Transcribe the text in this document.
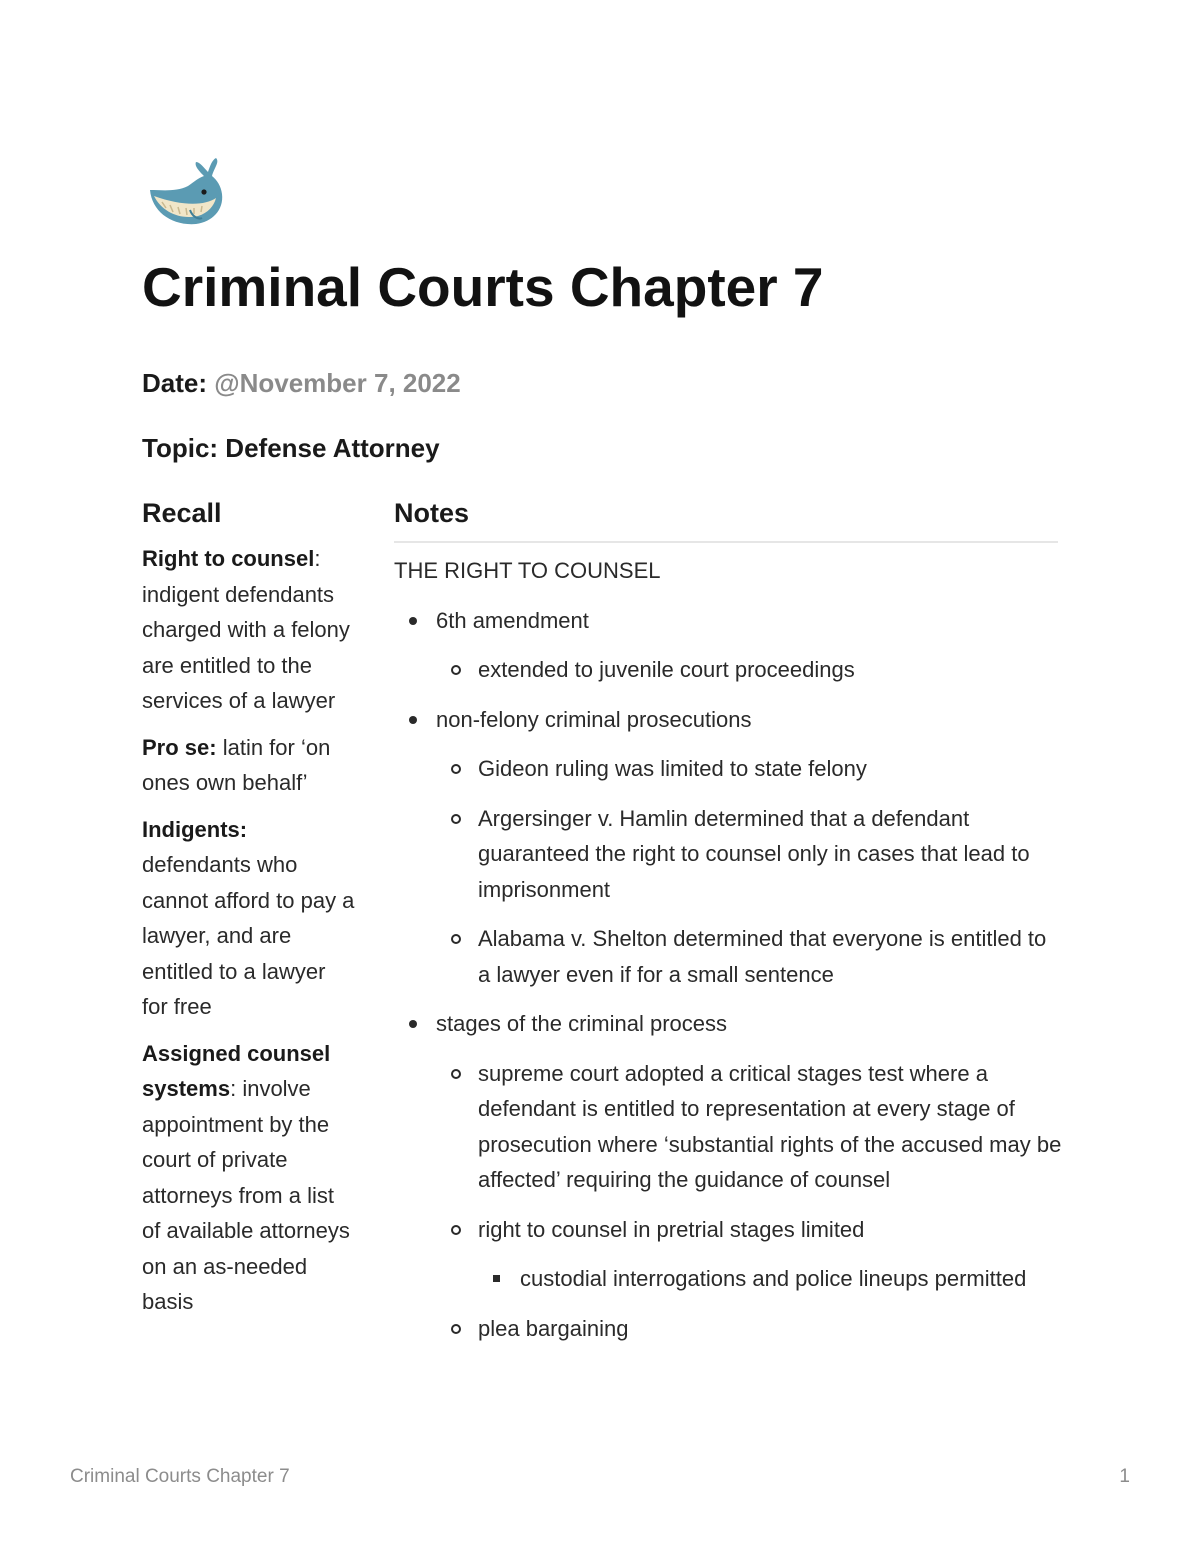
Criminal Courts Chapter 7

Date: @November 7, 2022

Topic: Defense Attorney

Recall	Notes

Right to counsel: indigent defendants charged with a felony are entitled to the services of a lawyer

Pro se: latin for ‘on ones own behalf’

Indigents: defendants who cannot afford to pay a lawyer, and are entitled to a lawyer for free

Assigned counsel systems: involve appointment by the court of private attorneys from a list of available attorneys on an as-needed basis

THE RIGHT TO COUNSEL

6th amendment
extended to juvenile court proceedings
non-felony criminal prosecutions
Gideon ruling was limited to state felony
Argersinger v. Hamlin determined that a defendant guaranteed the right to counsel only in cases that lead to imprisonment
Alabama v. Shelton determined that everyone is entitled to a lawyer even if for a small sentence
stages of the criminal process
supreme court adopted a critical stages test where a defendant is entitled to representation at every stage of prosecution where ‘substantial rights of the accused may be affected’ requiring the guidance of counsel
right to counsel in pretrial stages limited
custodial interrogations and police lineups permitted
plea bargaining
Criminal Courts Chapter 7	1
